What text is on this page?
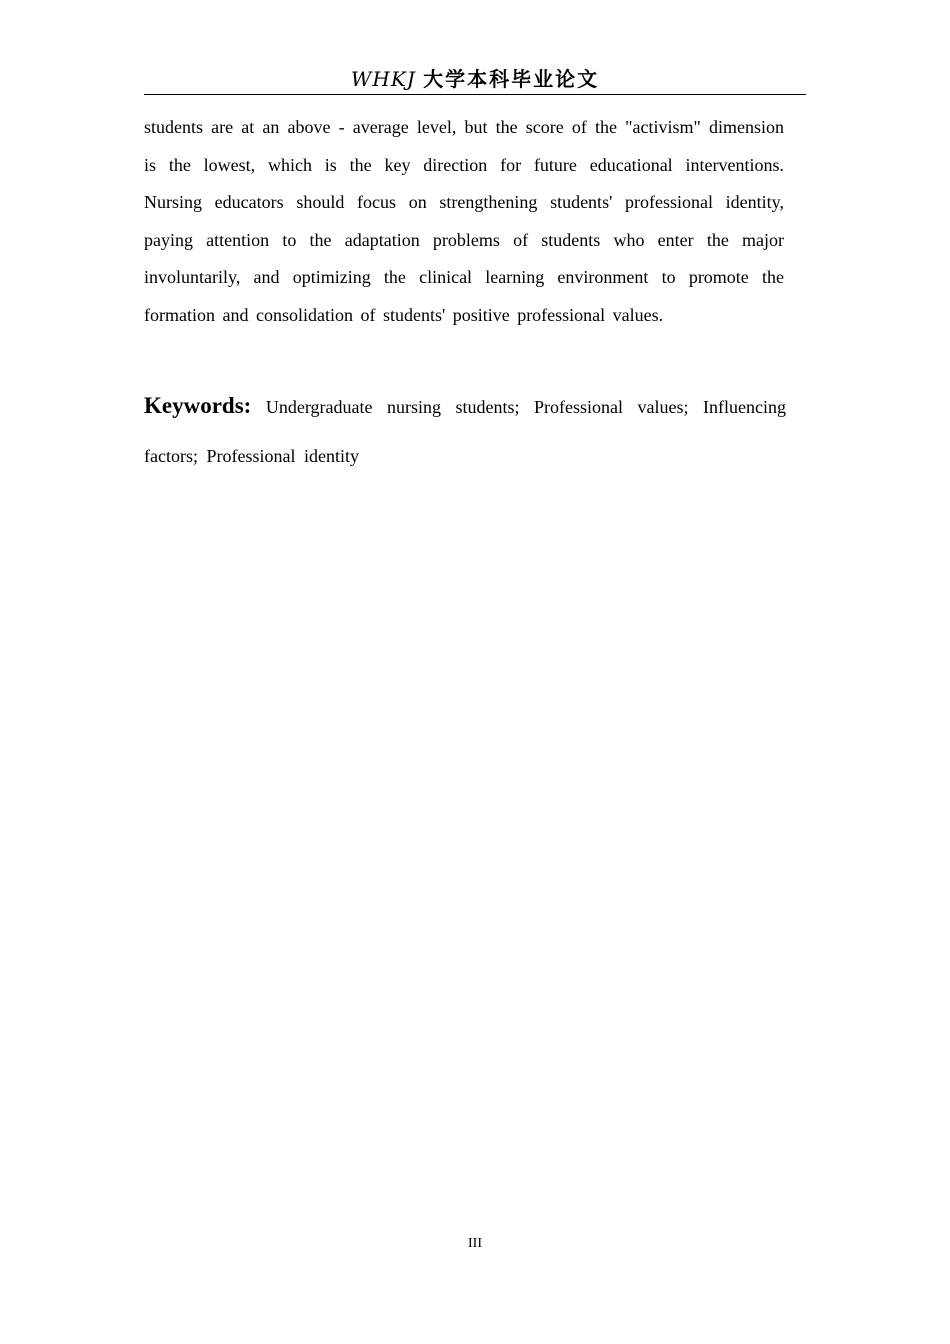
WHKJ 大学本科毕业论文

students are at an above - average level, but the score of the "activism" dimension is the lowest, which is the key direction for future educational interventions. Nursing educators should focus on strengthening students' professional identity, paying attention to the adaptation problems of students who enter the major involuntarily, and optimizing the clinical learning environment to promote the formation and consolidation of students' positive professional values.

Keywords: Undergraduate nursing students; Professional values; Influencing factors; Professional identity
III
